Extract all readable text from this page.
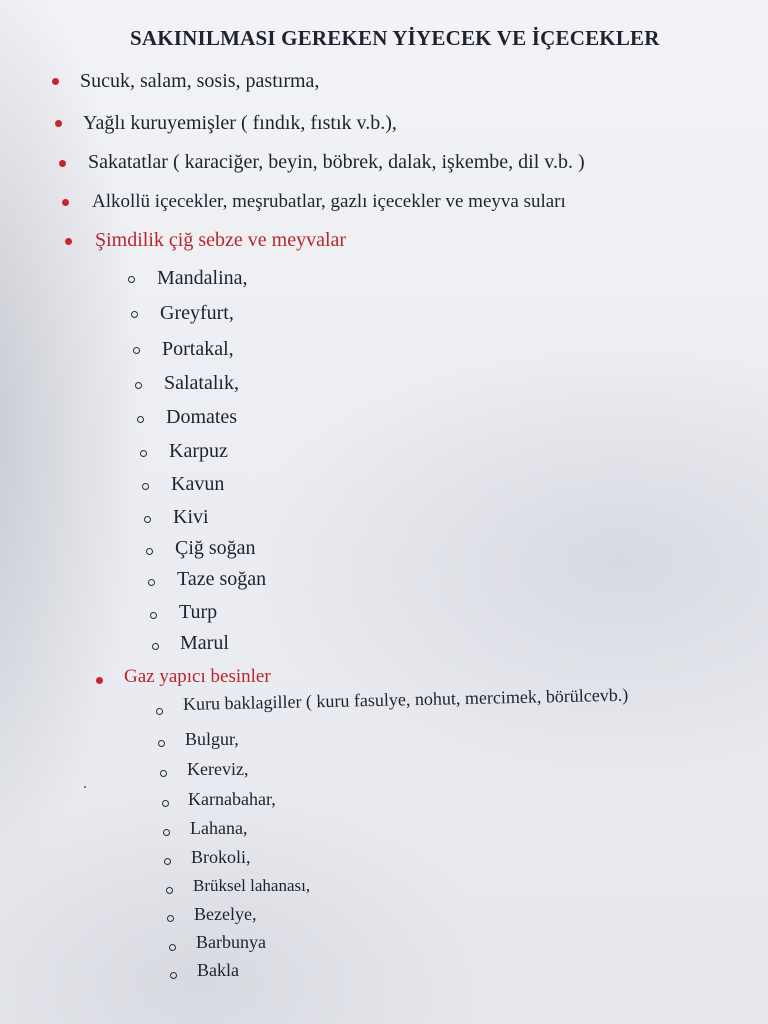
SAKINILMASI GEREKEN YİYECEK VE İÇECEKLER
Sucuk, salam, sosis, pastırma,
Yağlı kuruyemişler ( fındık, fıstık v.b.),
Sakatatlar ( karaciğer, beyin, böbrek, dalak, işkembe, dil v.b. )
Alkollü içecekler, meşrubatlar, gazlı içecekler ve meyva suları
Şimdilik çiğ sebze ve meyvalar
Mandalina,
Greyfurt,
Portakal,
Salatalık,
Domates
Karpuz
Kavun
Kivi
Çiğ soğan
Taze soğan
Turp
Marul
Gaz yapıcı besinler
Kuru baklagiller ( kuru fasulye, nohut, mercimek, börülcevb.)
Bulgur,
Kereviz,
Karnabahar,
Lahana,
Brokoli,
Brüksel lahanası,
Bezelye,
Barbunya
Bakla
